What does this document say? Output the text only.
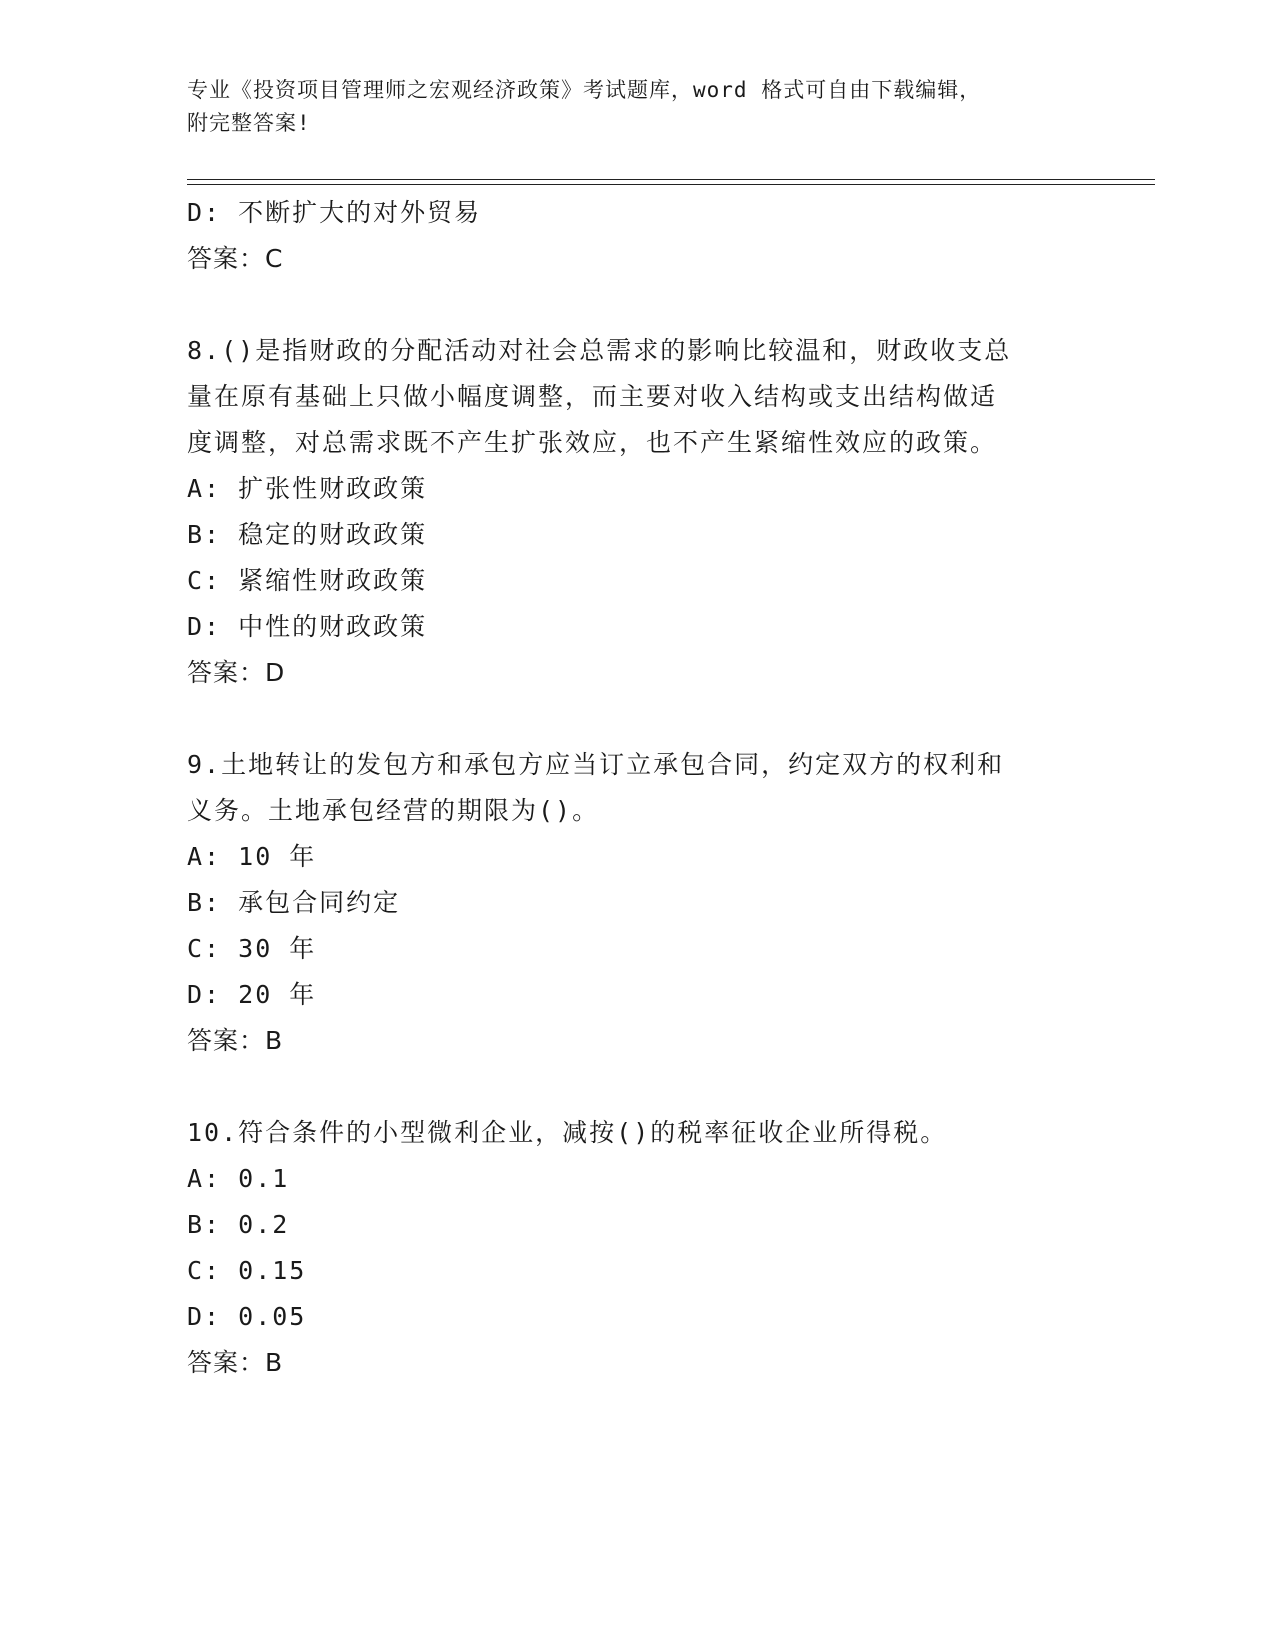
专业《投资项目管理师之宏观经济政策》考试题库，word 格式可自由下载编辑，
附完整答案!

D: 不断扩大的对外贸易

答案：C

8.()是指财政的分配活动对社会总需求的影响比较温和，财政收支总

量在原有基础上只做小幅度调整，而主要对收入结构或支出结构做适

度调整，对总需求既不产生扩张效应，也不产生紧缩性效应的政策。

A: 扩张性财政政策

B: 稳定的财政政策

C: 紧缩性财政政策

D: 中性的财政政策

答案：D

9.土地转让的发包方和承包方应当订立承包合同，约定双方的权利和

义务。土地承包经营的期限为()。

A: 10 年

B: 承包合同约定

C: 30 年

D: 20 年

答案：B

10.符合条件的小型微利企业，减按()的税率征收企业所得税。

A: 0.1

B: 0.2

C: 0.15

D: 0.05

答案：B
